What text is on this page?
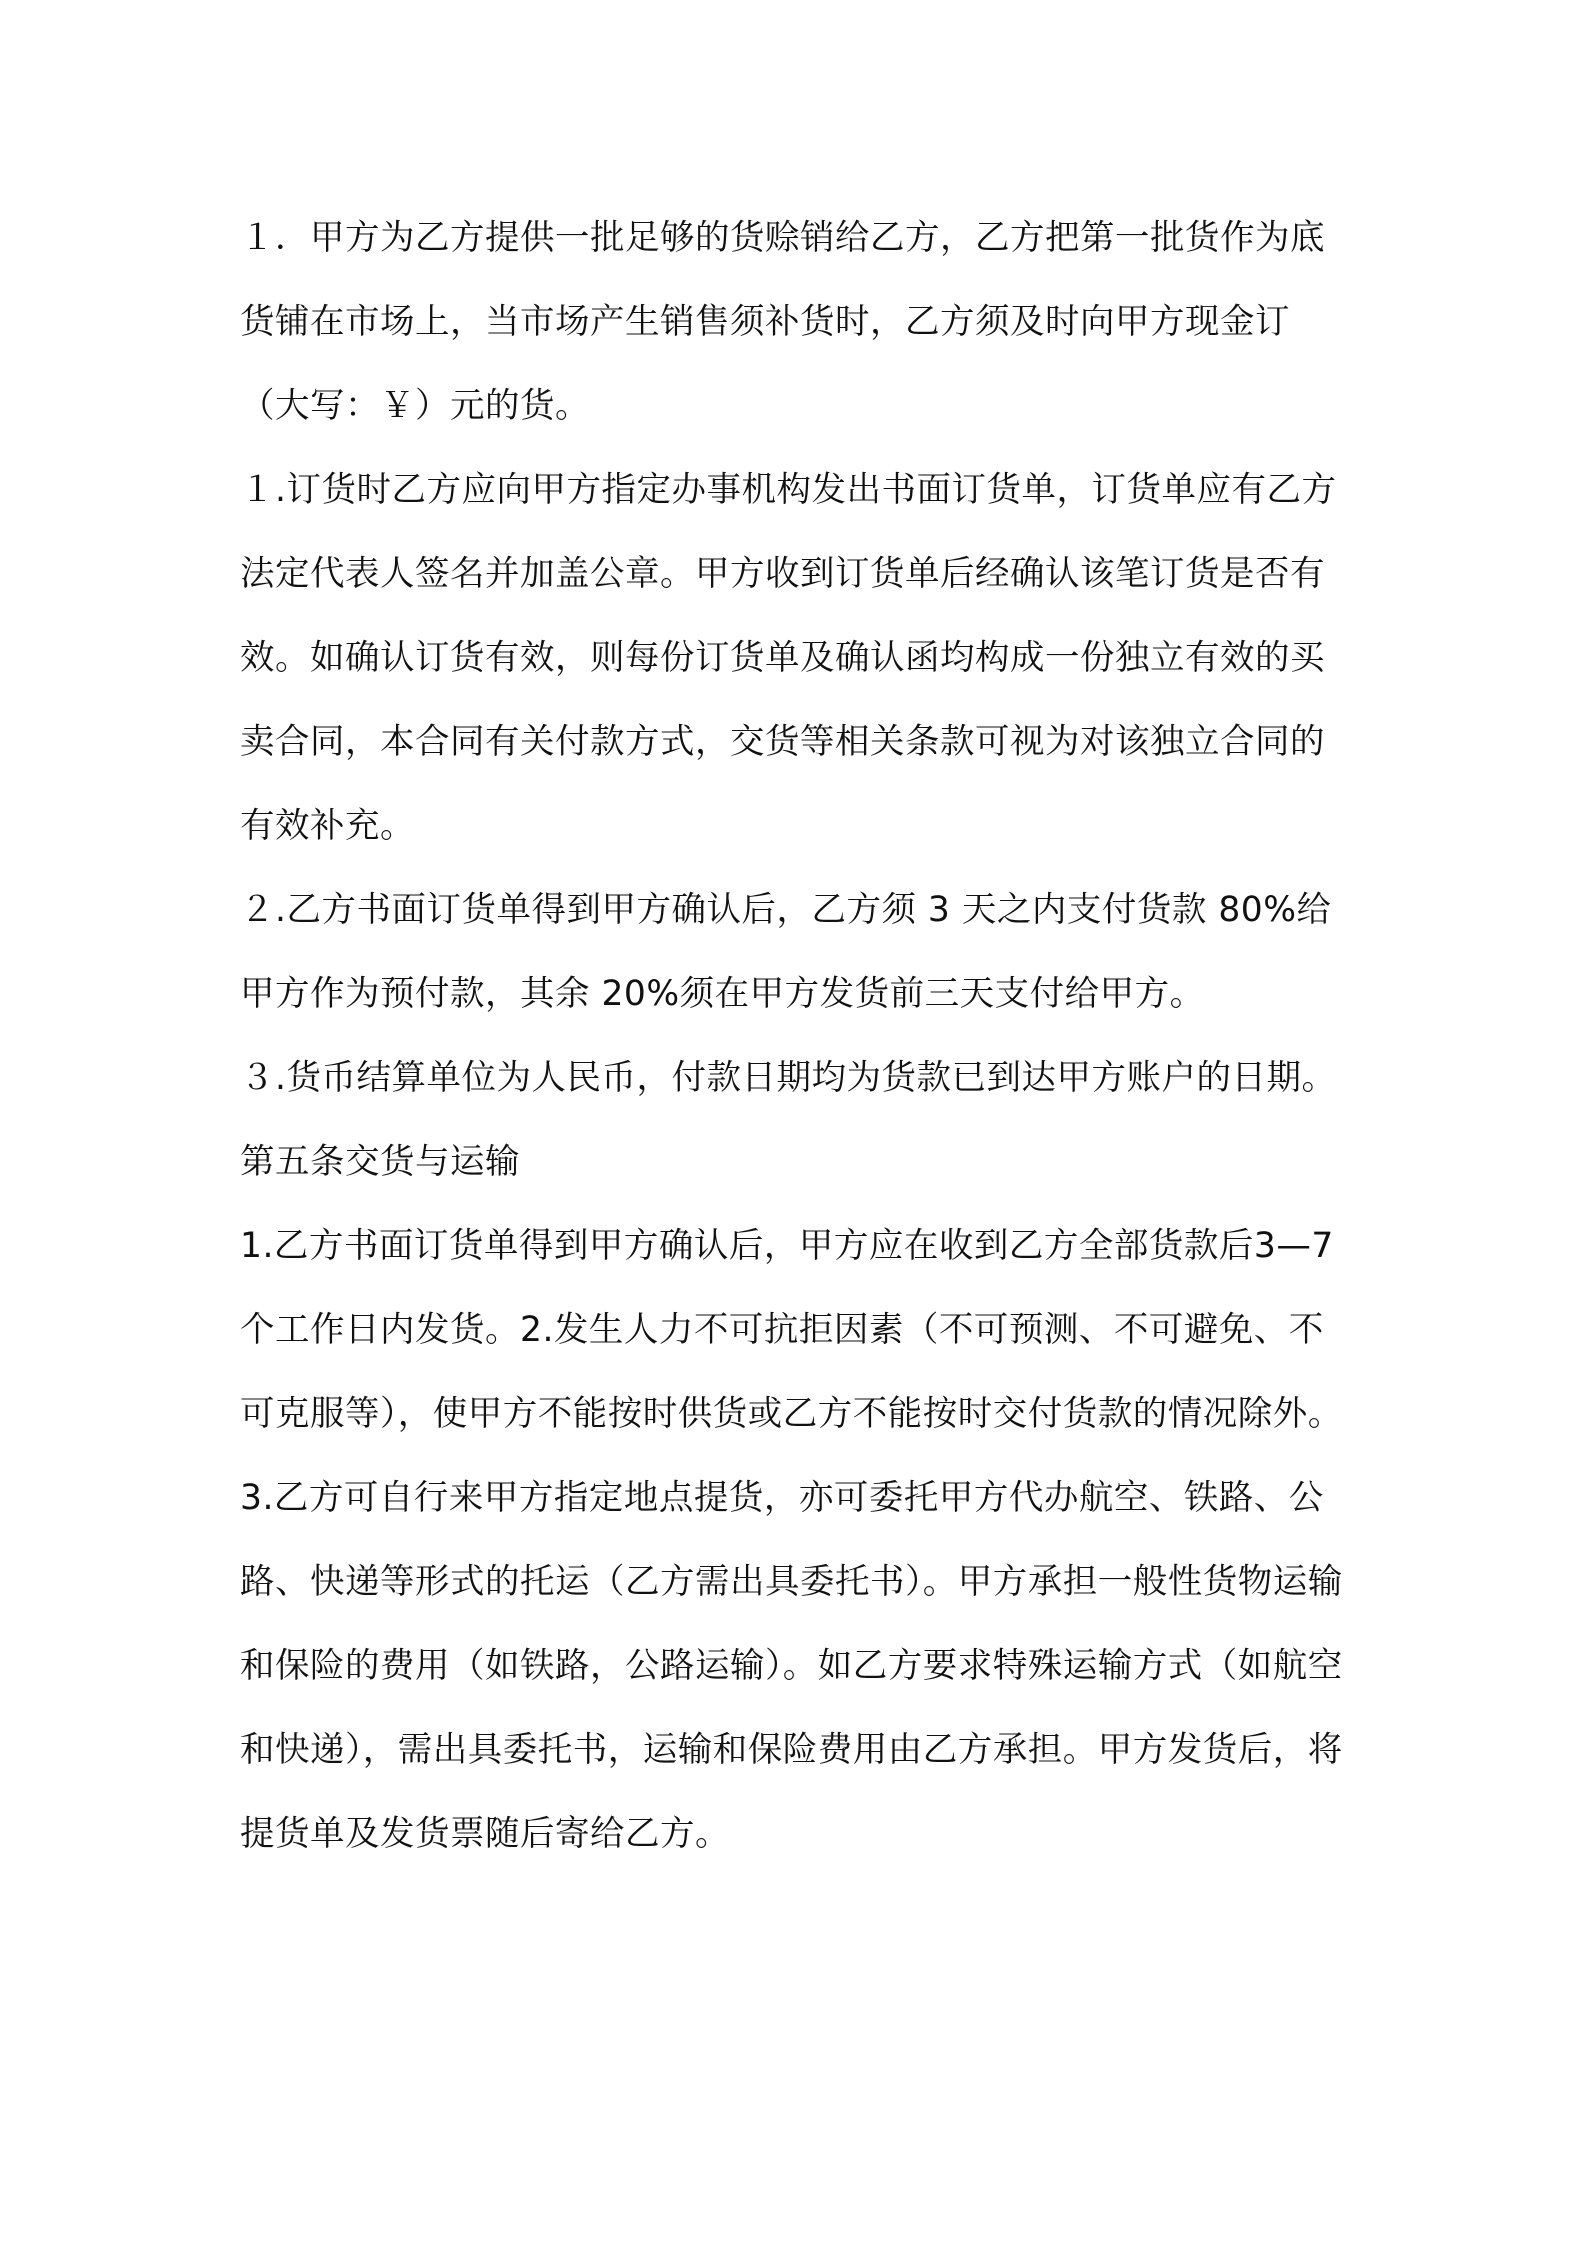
１．甲方为乙方提供一批足够的货赊销给乙方，乙方把第一批货作为底货铺在市场上，当市场产生销售须补货时，乙方须及时向甲方现金订（大写：￥）元的货。

１.订货时乙方应向甲方指定办事机构发出书面订货单，订货单应有乙方法定代表人签名并加盖公章。甲方收到订货单后经确认该笔订货是否有效。如确认订货有效，则每份订货单及确认函均构成一份独立有效的买卖合同，本合同有关付款方式，交货等相关条款可视为对该独立合同的有效补充。

２.乙方书面订货单得到甲方确认后，乙方须 3 天之内支付货款 80%给甲方作为预付款，其余 20%须在甲方发货前三天支付给甲方。

３.货币结算单位为人民币，付款日期均为货款已到达甲方账户的日期。

第五条交货与运输

1.乙方书面订货单得到甲方确认后，甲方应在收到乙方全部货款后3—7 个工作日内发货。2.发生人力不可抗拒因素（不可预测、不可避免、不可克服等），使甲方不能按时供货或乙方不能按时交付货款的情况除外。

3.乙方可自行来甲方指定地点提货，亦可委托甲方代办航空、铁路、公路、快递等形式的托运（乙方需出具委托书）。甲方承担一般性货物运输和保险的费用（如铁路，公路运输）。如乙方要求特殊运输方式（如航空和快递），需出具委托书，运输和保险费用由乙方承担。甲方发货后，将提货单及发货票随后寄给乙方。
